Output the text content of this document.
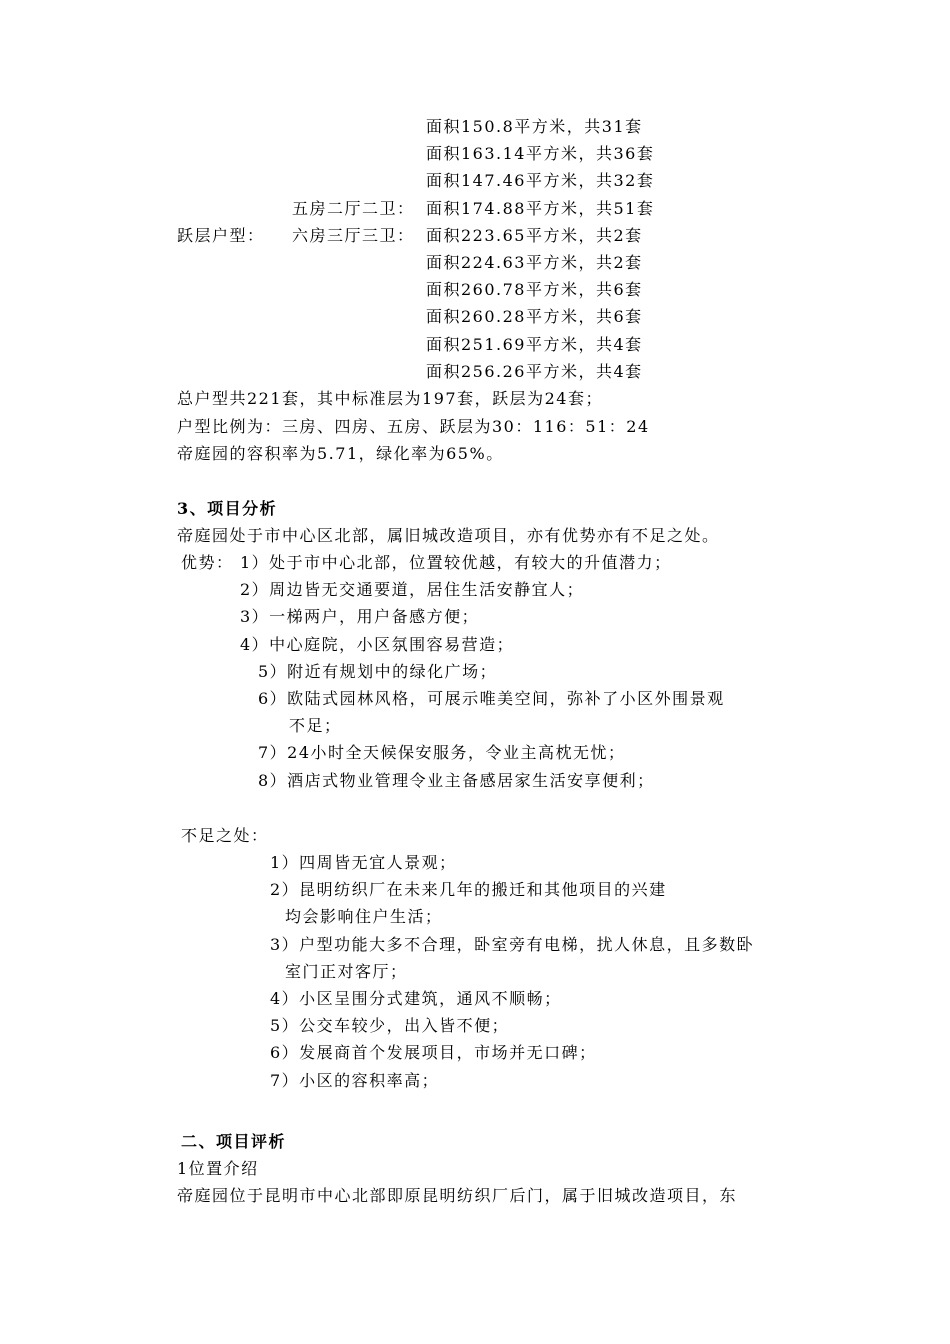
面积150.8平方米，共31套
面积163.14平方米，共36套
面积147.46平方米，共32套
五房二厅二卫： 面积174.88平方米，共51套
跃层户型： 六房三厅三卫： 面积223.65平方米，共2套
面积224.63平方米，共2套
面积260.78平方米，共6套
面积260.28平方米，共6套
面积251.69平方米，共4套
面积256.26平方米，共4套
总户型共221套，其中标准层为197套，跃层为24套；
户型比例为：三房、四房、五房、跃层为30：116：51：24
帝庭园的容积率为5.71，绿化率为65%。
3、项目分析
帝庭园处于市中心区北部，属旧城改造项目，亦有优势亦有不足之处。
优势： 1）处于市中心北部，位置较优越，有较大的升值潜力；
2）周边皆无交通要道，居住生活安静宜人；
3）一梯两户，用户备感方便；
4）中心庭院，小区氛围容易营造；
5）附近有规划中的绿化广场；
6）欧陆式园林风格，可展示唯美空间，弥补了小区外围景观
不足；
7）24小时全天候保安服务，令业主高枕无忧；
8）酒店式物业管理令业主备感居家生活安享便利；
不足之处：
1）四周皆无宜人景观；
2）昆明纺织厂在未来几年的搬迁和其他项目的兴建
均会影响住户生活；
3）户型功能大多不合理，卧室旁有电梯，扰人休息，且多数卧
室门正对客厅；
4）小区呈围分式建筑，通风不顺畅；
5）公交车较少，出入皆不便；
6）发展商首个发展项目，市场并无口碑；
7）小区的容积率高；
二、项目评析
1位置介绍
帝庭园位于昆明市中心北部即原昆明纺织厂后门，属于旧城改造项目，东
